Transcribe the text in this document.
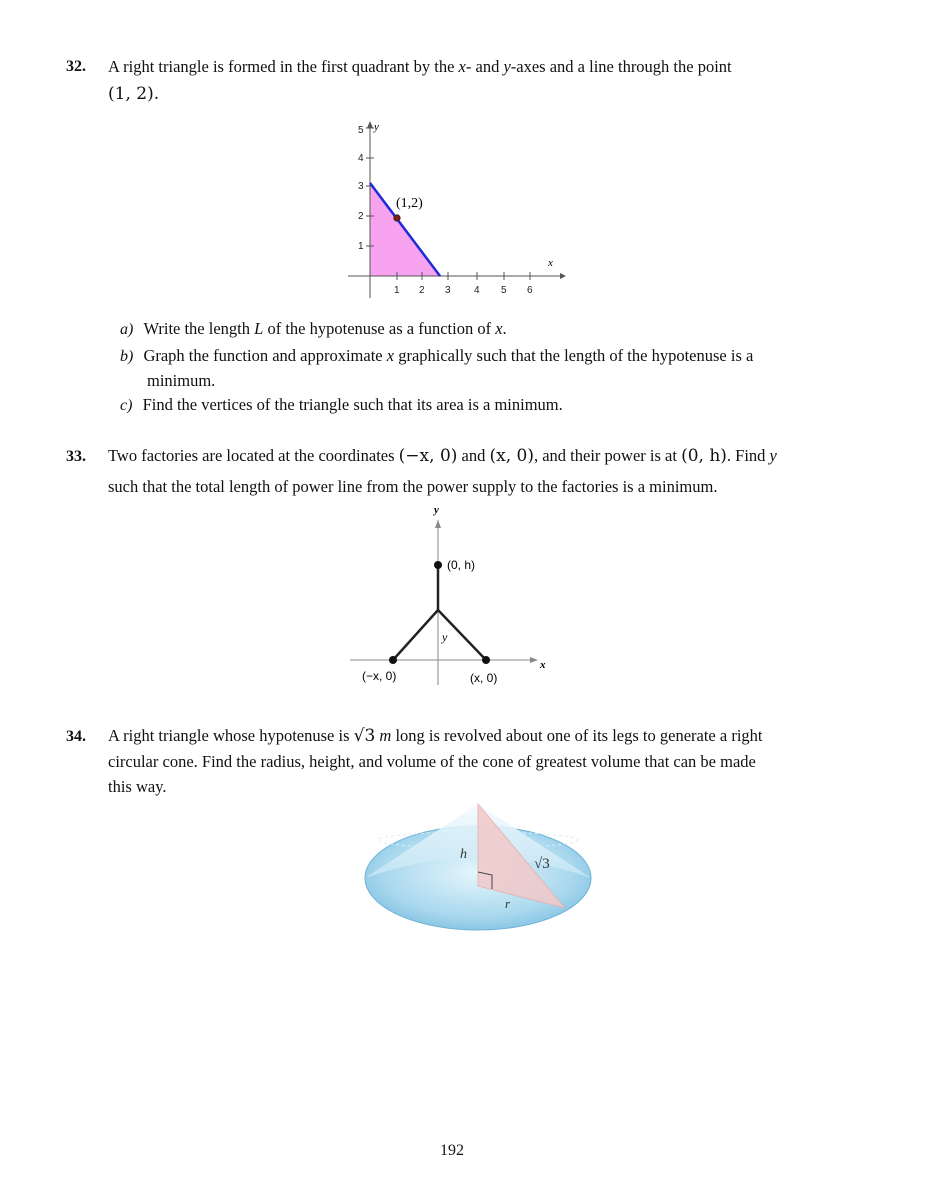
32. A right triangle is formed in the first quadrant by the x- and y-axes and a line through the point
(1, 2).
1
2
3
4
5
1 2 3 4 5 6
y
x
(1,2)
a) Write the length L of the hypotenuse as a function of x.
b) Graph the function and approximate x graphically such that the length of the hypotenuse is a
minimum.
c) Find the vertices of the triangle such that its area is a minimum.
33. Two factories are located at the coordinates (−x, 0) and (x, 0), and their power is at (0, h). Find y
such that the total length of power line from the power supply to the factories is a minimum.
y
x
(0, h)
y
(−x, 0)	(x, 0)
34. A right triangle whose hypotenuse is √3 m long is revolved about one of its legs to generate a right
circular cone. Find the radius, height, and volume of the cone of greatest volume that can be made
this way.
h
r
√3
192
